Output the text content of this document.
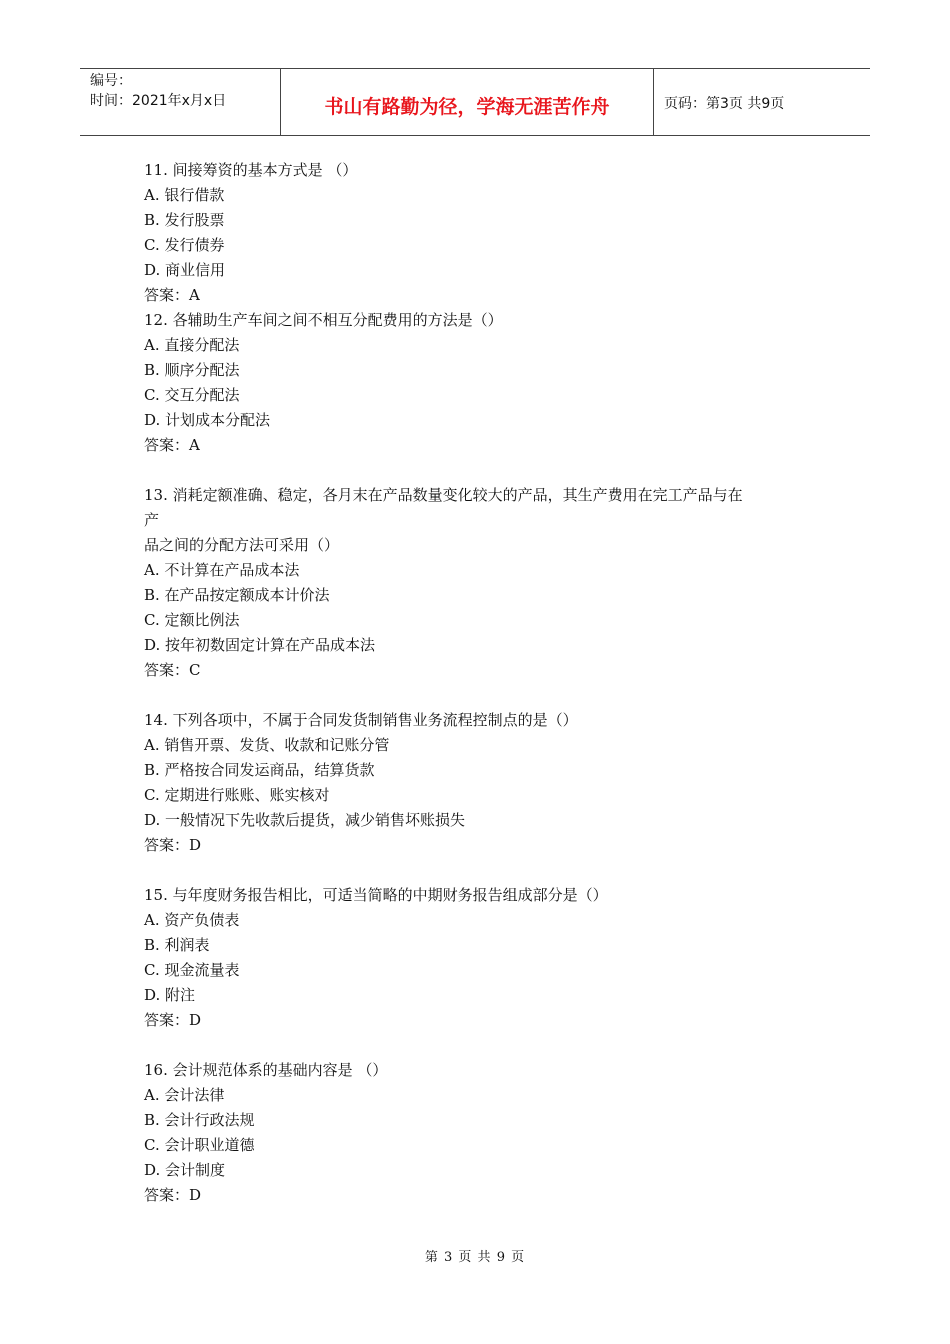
编号：
时间：2021年x月x日	书山有路勤为径，学海无涯苦作舟	页码：第3页 共9页
11. 间接筹资的基本方式是 （）
A. 银行借款
B. 发行股票
C. 发行债券
D. 商业信用
答案：A
12. 各辅助生产车间之间不相互分配费用的方法是（）
A. 直接分配法
B. 顺序分配法
C. 交互分配法
D. 计划成本分配法
答案：A
13. 消耗定额准确、稳定，各月末在产品数量变化较大的产品，其生产费用在完工产品与在
产
品之间的分配方法可采用（）
A. 不计算在产品成本法
B. 在产品按定额成本计价法
C. 定额比例法
D. 按年初数固定计算在产品成本法
答案：C
14. 下列各项中，不属于合同发货制销售业务流程控制点的是（）
A. 销售开票、发货、收款和记账分管
B. 严格按合同发运商品，结算货款
C. 定期进行账账、账实核对
D. 一般情况下先收款后提货，减少销售坏账损失
答案：D
15. 与年度财务报告相比，可适当简略的中期财务报告组成部分是（）
A. 资产负债表
B. 利润表
C. 现金流量表
D. 附注
答案：D
16. 会计规范体系的基础内容是 （）
A. 会计法律
B. 会计行政法规
C. 会计职业道德
D. 会计制度
答案：D
第 3 页 共 9 页
